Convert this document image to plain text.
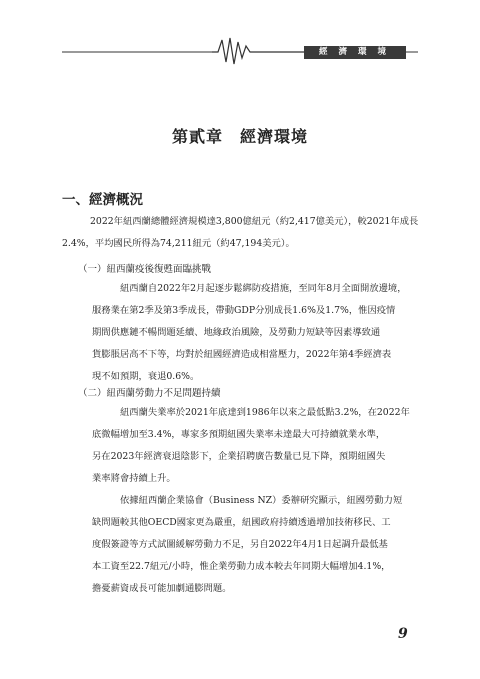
經濟環境
第貳章　經濟環境
一、經濟概況
2022年紐西蘭總體經濟規模達3,800億紐元（約2,417億美元），較2021年成長
2.4%，平均國民所得為74,211紐元（約47,194美元）。
（一）紐西蘭疫後復甦面臨挑戰
紐西蘭自2022年2月起逐步鬆綁防疫措施，至同年8月全面開放邊境，
服務業在第2季及第3季成長，帶動GDP分別成長1.6%及1.7%，惟因疫情
期間供應鏈不暢問題延續、地緣政治風險，及勞動力短缺等因素導致通
貨膨脹居高不下等，均對於紐國經濟造成相當壓力，2022年第4季經濟表
現不如預期，衰退0.6%。
（二）紐西蘭勞動力不足問題持續
紐西蘭失業率於2021年底達到1986年以來之最低點3.2%，在2022年
底微幅增加至3.4%，專家多預期紐國失業率未達最大可持續就業水準，
另在2023年經濟衰退陰影下，企業招聘廣告數量已見下降，預期紐國失
業率將會持續上升。
依據紐西蘭企業協會（Business NZ）委辦研究顯示，紐國勞動力短
缺問題較其他OECD國家更為嚴重，紐國政府持續透過增加技術移民、工
度假簽證等方式試圖緩解勞動力不足，另自2022年4月1日起調升最低基
本工資至22.7紐元/小時，惟企業勞動力成本較去年同期大幅增加4.1%，
擔憂薪資成長可能加劇通膨問題。
9
